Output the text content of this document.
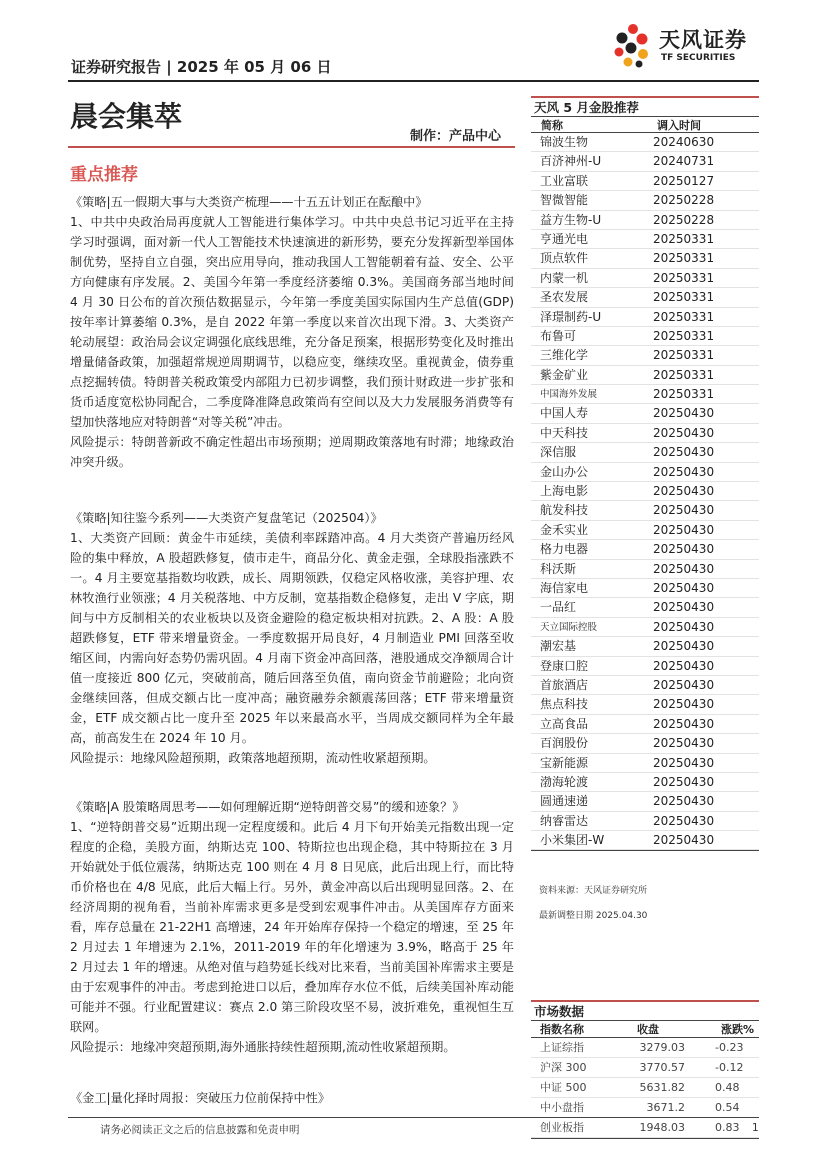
证券研究报告 | 2025 年 05 月 06 日
天风证券
TF SECURITIES
晨会集萃
制作：产品中心
重点推荐

《策略|五一假期大事与大类资产梳理——十五五计划正在酝酿中》

1、中共中央政治局再度就人工智能进行集体学习。中共中央总书记习近平在主持学习时强调，面对新一代人工智能技术快速演进的新形势，要充分发挥新型举国体制优势，坚持自立自强，突出应用导向，推动我国人工智能朝着有益、安全、公平方向健康有序发展。2、美国今年第一季度经济萎缩 0.3%。美国商务部当地时间 4 月 30 日公布的首次预估数据显示，今年第一季度美国实际国内生产总值(GDP)按年率计算萎缩 0.3%，是自 2022 年第一季度以来首次出现下滑。3、大类资产轮动展望：政治局会议定调强化底线思维，充分备足预案，根据形势变化及时推出增量储备政策，加强超常规逆周期调节，以稳应变，继续攻坚。重视黄金，债券重点挖掘转债。特朗普关税政策受内部阻力已初步调整，我们预计财政进一步扩张和货币适度宽松协同配合，二季度降准降息政策尚有空间以及大力发展服务消费等有望加快落地应对特朗普“对等关税”冲击。

风险提示：特朗普新政不确定性超出市场预期；逆周期政策落地有时滞；地缘政治冲突升级。

《策略|知往鉴今系列——大类资产复盘笔记（202504）》

1、大类资产回顾：黄金牛市延续，美债利率踩踏冲高。4 月大类资产普遍历经风险的集中释放，A 股超跌修复，债市走牛，商品分化、黄金走强，全球股指涨跌不一。4 月主要宽基指数均收跌，成长、周期领跌，仅稳定风格收涨，美容护理、农林牧渔行业领涨；4 月关税落地、中方反制，宽基指数企稳修复，走出 V 字底，期间与中方反制相关的农业板块以及资金避险的稳定板块相对抗跌。2、A 股：A 股超跌修复，ETF 带来增量资金。一季度数据开局良好，4 月制造业 PMI 回落至收缩区间，内需向好态势仍需巩固。4 月南下资金冲高回落，港股通成交净额周合计值一度接近 800 亿元，突破前高，随后回落至负值，南向资金节前避险；北向资金继续回落，但成交额占比一度冲高；融资融券余额震荡回落；ETF 带来增量资金，ETF 成交额占比一度升至 2025 年以来最高水平，当周成交额同样为全年最高，前高发生在 2024 年 10 月。

风险提示：地缘风险超预期，政策落地超预期，流动性收紧超预期。

《策略|A 股策略周思考——如何理解近期“逆特朗普交易”的缓和迹象？》

1、“逆特朗普交易”近期出现一定程度缓和。此后 4 月下旬开始美元指数出现一定程度的企稳，美股方面，纳斯达克 100、特斯拉也出现企稳，其中特斯拉在 3 月开始就处于低位震荡，纳斯达克 100 则在 4 月 8 日见底，此后出现上行，而比特币价格也在 4/8 见底，此后大幅上行。另外，黄金冲高以后出现明显回落。2、在经济周期的视角看，当前补库需求更多是受到宏观事件冲击。从美国库存方面来看，库存总量在 21-22H1 高增速，24 年开始库存保持一个稳定的增速，至 25 年 2 月过去 1 年增速为 2.1%，2011-2019 年的年化增速为 3.9%，略高于 25 年 2 月过去 1 年的增速。从绝对值与趋势延长线对比来看，当前美国补库需求主要是由于宏观事件的冲击。考虑到抢进口以后，叠加库存水位不低，后续美国补库动能可能并不强。行业配置建议：赛点 2.0 第三阶段攻坚不易，波折难免，重视恒生互联网。

风险提示：地缘冲突超预期,海外通胀持续性超预期,流动性收紧超预期。

《金工|量化择时周报：突破压力位前保持中性》

天风 5 月金股推荐
简称	调入时间
锦波生物	20240630
百济神州-U	20240731
工业富联	20250127
智微智能	20250228
益方生物-U	20250228
亨通光电	20250331
顶点软件	20250331
内蒙一机	20250331
圣农发展	20250331
泽璟制药-U	20250331
布鲁可	20250331
三维化学	20250331
紫金矿业	20250331
中国海外发展	20250331
中国人寿	20250430
中天科技	20250430
深信服	20250430
金山办公	20250430
上海电影	20250430
航发科技	20250430
金禾实业	20250430
格力电器	20250430
科沃斯	20250430
海信家电	20250430
一品红	20250430
天立国际控股	20250430
潮宏基	20250430
登康口腔	20250430
首旅酒店	20250430
焦点科技	20250430
立高食品	20250430
百润股份	20250430
宝新能源	20250430
渤海轮渡	20250430
圆通速递	20250430
纳睿雷达	20250430
小米集团-W	20250430
资料来源：天风证券研究所
最新调整日期 2025.04.30
市场数据
指数名称	收盘	涨跌%
上证综指	3279.03	-0.23
沪深 300	3770.57	-0.12
中证 500	5631.82	0.48
中小盘指	3671.2	0.54
创业板指	1948.03	0.83
请务必阅读正文之后的信息披露和免责申明	1
